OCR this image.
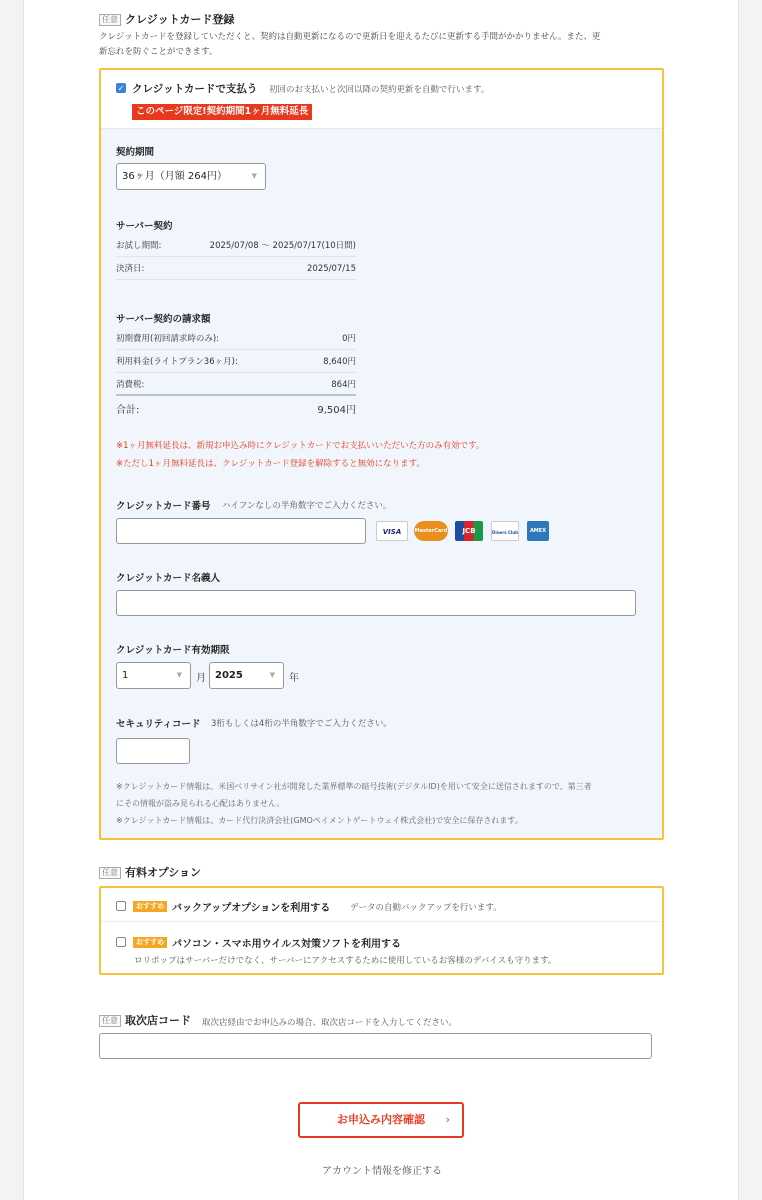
任意 クレジットカード登録
クレジットカードを登録していただくと、契約は自動更新になるので更新日を迎えるたびに更新する手間がかかりません。また、更
新忘れを防ぐことができます。
✓ クレジットカードで支払う 初回のお支払いと次回以降の契約更新を自動で行います。
このページ限定!契約期間1ヶ月無料延長
契約期間
36ヶ月（月額 264円）	▼
サーバー契約
お試し期間:	2025/07/08 〜 2025/07/17(10日間)
決済日:	2025/07/15
サーバー契約の請求額
初期費用(初回請求時のみ):	0円
利用料金(ライトプラン36ヶ月):	8,640円
消費税:	864円
合計:	9,504円
※1ヶ月無料延長は、新規お申込み時にクレジットカードでお支払いいただいた方のみ有効です。
※ただし1ヶ月無料延長は、クレジットカード登録を解除すると無効になります。
クレジットカード番号 ハイフンなしの半角数字でご入力ください。
VISA	MasterCard	JCB	Diners Club	AMEX
クレジットカード名義人
クレジットカード有効期限
1	▼ 月 2025	▼ 年
セキュリティコード 3桁もしくは4桁の半角数字でご入力ください。
※クレジットカード情報は、米国ベリサイン社が開発した業界標準の暗号技術(デジタルID)を用いて安全に送信されますので、第三者
にその情報が盗み見られる心配はありません。
※クレジットカード情報は、カード代行決済会社(GMOペイメントゲートウェイ株式会社)で安全に保存されます。
任意 有料オプション
おすすめ バックアップオプションを利用する データの自動バックアップを行います。
おすすめ パソコン・スマホ用ウイルス対策ソフトを利用する
ロリポップはサーバーだけでなく、サーバーにアクセスするために使用しているお客様のデバイスも守ります。
任意 取次店コード 取次店経由でお申込みの場合、取次店コードを入力してください。
お申込み内容確認 ›
アカウント情報を修正する
